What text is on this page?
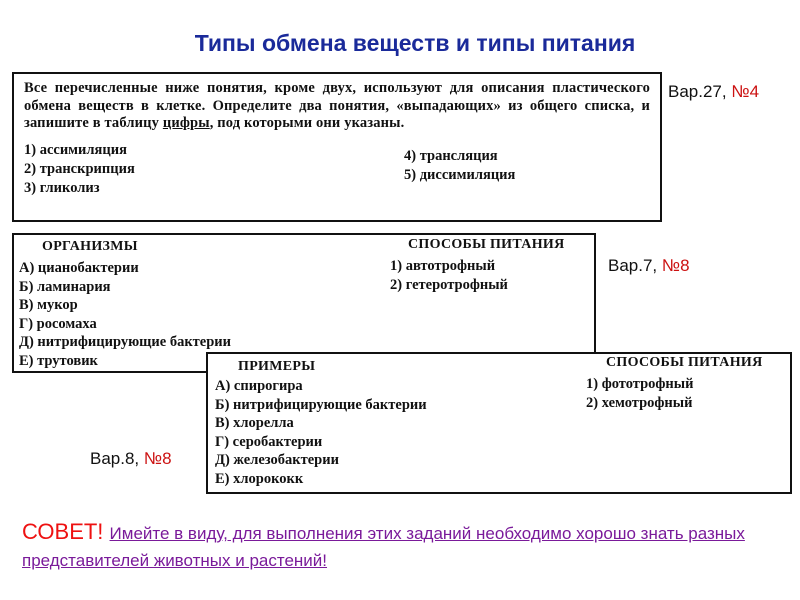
Типы обмена веществ и типы питания
Все перечисленные ниже понятия, кроме двух, используют для описания пластического обмена веществ в клетке. Определите два понятия, «выпадающих» из общего списка, и запишите в таблицу цифры, под которыми они указаны.
1) ассимиляция
2) транскрипция
3) гликолиз
4) трансляция
5) диссимиляция
Вар.27, №4
ОРГАНИЗМЫ	СПОСОБЫ ПИТАНИЯ
А) цианобактерии
Б) ламинария
В) мукор
Г) росомаха
Д) нитрифицирующие бактерии
Е) трутовик
1) автотрофный
2) гетеротрофный
Вар.7, №8
ПРИМЕРЫ	СПОСОБЫ ПИТАНИЯ
А) спирогира
Б) нитрифицирующие бактерии
В) хлорелла
Г) серобактерии
Д) железобактерии
Е) хлорококк
1) фототрофный
2) хемотрофный
Вар.8, №8
СОВЕТ! Имейте в виду, для выполнения этих заданий необходимо хорошо знать разных представителей животных и растений!
